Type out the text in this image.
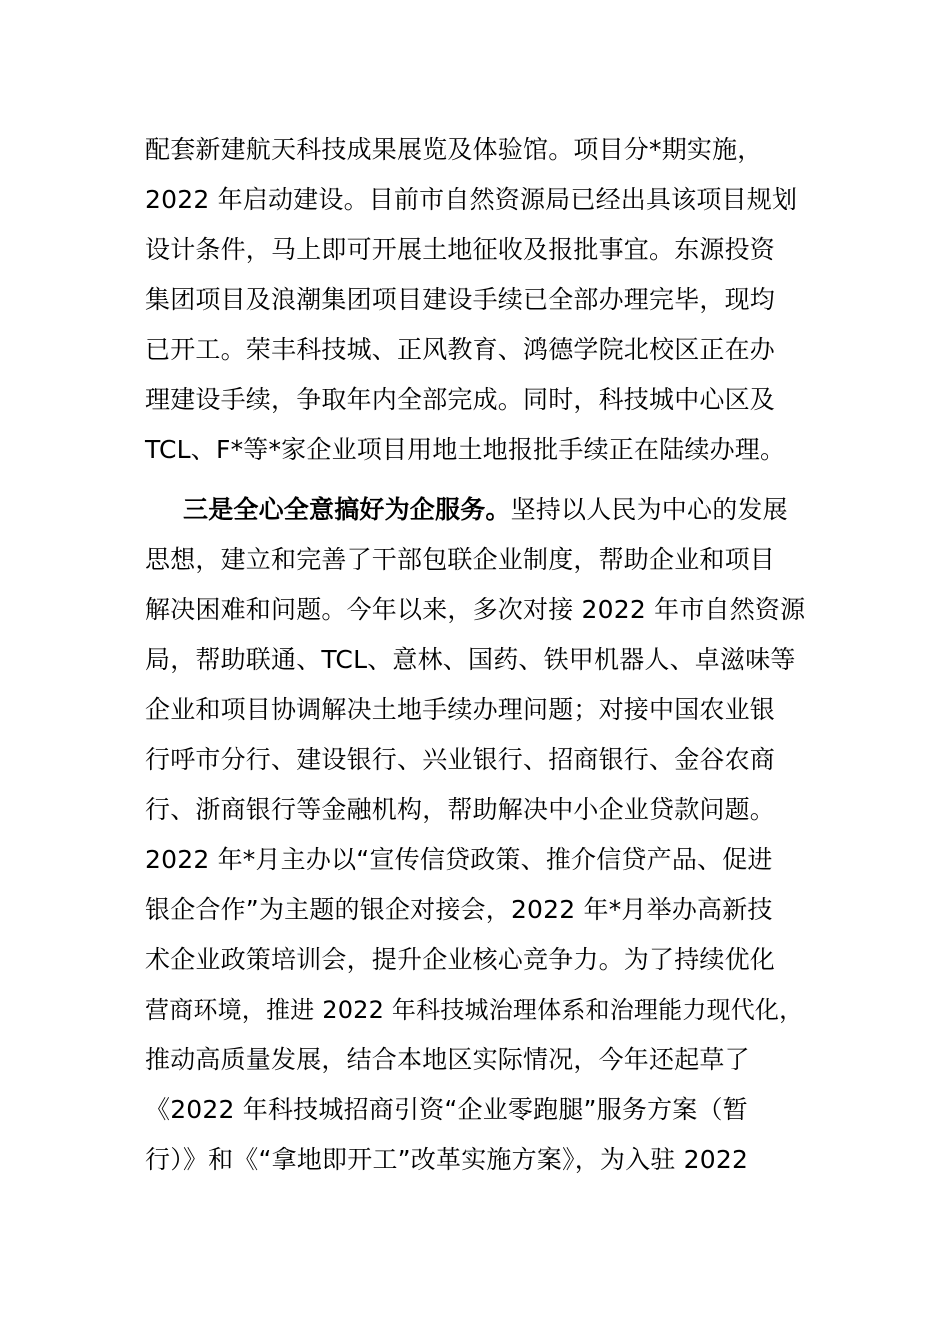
配套新建航天科技成果展览及体验馆。项目分*期实施，
2022 年启动建设。目前市自然资源局已经出具该项目规划
设计条件，马上即可开展土地征收及报批事宜。东源投资
集团项目及浪潮集团项目建设手续已全部办理完毕，现均
已开工。荣丰科技城、正风教育、鸿德学院北校区正在办
理建设手续，争取年内全部完成。同时，科技城中心区及
TCL、F*等*家企业项目用地土地报批手续正在陆续办理。
三是全心全意搞好为企服务。坚持以人民为中心的发展
思想，建立和完善了干部包联企业制度，帮助企业和项目
解决困难和问题。今年以来，多次对接 2022 年市自然资源
局，帮助联通、TCL、意林、国药、铁甲机器人、卓滋味等
企业和项目协调解决土地手续办理问题；对接中国农业银
行呼市分行、建设银行、兴业银行、招商银行、金谷农商
行、浙商银行等金融机构，帮助解决中小企业贷款问题。
2022 年*月主办以“宣传信贷政策、推介信贷产品、促进
银企合作”为主题的银企对接会，2022 年*月举办高新技
术企业政策培训会，提升企业核心竞争力。为了持续优化
营商环境，推进 2022 年科技城治理体系和治理能力现代化，
推动高质量发展，结合本地区实际情况，今年还起草了
《2022 年科技城招商引资“企业零跑腿”服务方案（暂
行）》和《“拿地即开工”改革实施方案》，为入驻 2022
